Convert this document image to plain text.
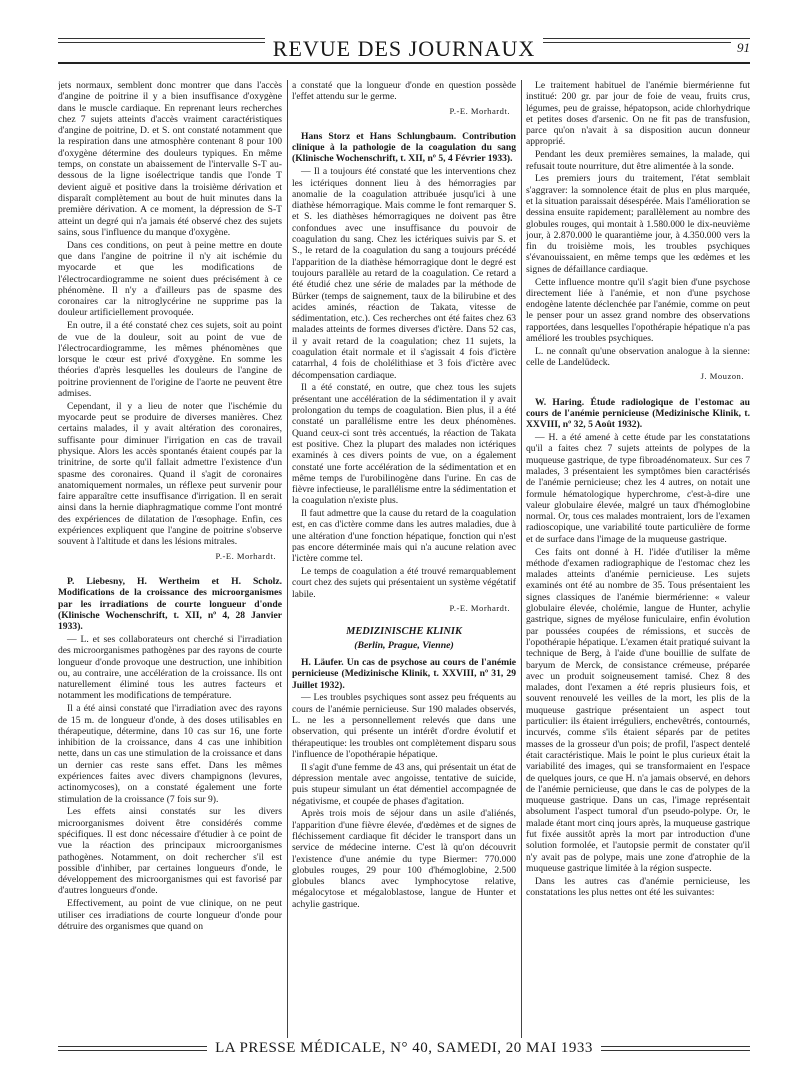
REVUE DES JOURNAUX	91

jets normaux, semblent donc montrer que dans l'accès d'angine de poitrine il y a bien insuffisance d'oxygène dans le muscle cardiaque. En reprenant leurs recherches chez 7 sujets atteints d'accès vraiment caractéristiques d'angine de poitrine, D. et S. ont constaté notamment que la respiration dans une atmosphère contenant 8 pour 100 d'oxygène détermine des douleurs typiques. En même temps, on constate un abaissement de l'intervalle S-T au-dessous de la ligne isoélectrique tandis que l'onde T devient aiguë et positive dans la troisième dérivation et disparaît complètement au bout de huit minutes dans la première dérivation. A ce moment, la dépression de S-T atteint un degré qui n'a jamais été observé chez des sujets sains, sous l'influence du manque d'oxygène.

Dans ces conditions, on peut à peine mettre en doute que dans l'angine de poitrine il n'y ait ischémie du myocarde et que les modifications de l'électrocardiogramme ne soient dues précisément à ce phénomène. Il n'y a d'ailleurs pas de spasme des coronaires car la nitroglycérine ne supprime pas la douleur artificiellement provoquée.

En outre, il a été constaté chez ces sujets, soit au point de vue de la douleur, soit au point de vue de l'électrocardiogramme, les mêmes phénomènes que lorsque le cœur est privé d'oxygène. En somme les théories d'après lesquelles les douleurs de l'angine de poitrine proviennent de l'origine de l'aorte ne peuvent être admises.

Cependant, il y a lieu de noter que l'ischémie du myocarde peut se produire de diverses manières. Chez certains malades, il y avait altération des coronaires, suffisante pour diminuer l'irrigation en cas de travail physique. Alors les accès spontanés étaient coupés par la trinitrine, de sorte qu'il fallait admettre l'existence d'un spasme des coronaires. Quand il s'agit de coronaires anatomiquement normales, un réflexe peut survenir pour faire apparaître cette insuffisance d'irrigation. Il en serait ainsi dans la hernie diaphragmatique comme l'ont montré des expériences de dilatation de l'œsophage. Enfin, ces expériences expliquent que l'angine de poitrine s'observe souvent à l'altitude et dans les lésions mitrales.

P.-E. Morhardt.

P. Liebesny, H. Wertheim et H. Scholz. Modifications de la croissance des microorganismes par les irradiations de courte longueur d'onde (Klinische Wochenschrift, t. XII, nº 4, 28 Janvier 1933).

— L. et ses collaborateurs ont cherché si l'irradiation des microorganismes pathogènes par des rayons de courte longueur d'onde provoque une destruction, une inhibition ou, au contraire, une accélération de la croissance. Ils ont naturellement éliminé tous les autres facteurs et notamment les modifications de température.

Il a été ainsi constaté que l'irradiation avec des rayons de 15 m. de longueur d'onde, à des doses utilisables en thérapeutique, détermine, dans 10 cas sur 16, une forte inhibition de la croissance, dans 4 cas une inhibition nette, dans un cas une stimulation de la croissance et dans un dernier cas reste sans effet. Dans les mêmes expériences faites avec divers champignons (levures, actinomycoses), on a constaté également une forte stimulation de la croissance (7 fois sur 9).

Les effets ainsi constatés sur les divers microorganismes doivent être considérés comme spécifiques. Il est donc nécessaire d'étudier à ce point de vue la réaction des principaux microorganismes pathogènes. Notamment, on doit rechercher s'il est possible d'inhiber, par certaines longueurs d'onde, le développement des microorganismes qui est favorisé par d'autres longueurs d'onde.

Effectivement, au point de vue clinique, on ne peut utiliser ces irradiations de courte longueur d'onde pour détruire des organismes que quand on

a constaté que la longueur d'onde en question possède l'effet attendu sur le germe.

P.-E. Morhardt.

Hans Storz et Hans Schlungbaum. Contribution clinique à la pathologie de la coagulation du sang (Klinische Wochenschrift, t. XII, nº 5, 4 Février 1933).

— Il a toujours été constaté que les interventions chez les ictériques donnent lieu à des hémorragies par anomalie de la coagulation attribuée jusqu'ici à une diathèse hémorragique. Mais comme le font remarquer S. et S. les diathèses hémorragiques ne doivent pas être confondues avec une insuffisance du pouvoir de coagulation du sang. Chez les ictériques suivis par S. et S., le retard de la coagulation du sang a toujours précédé l'apparition de la diathèse hémorragique dont le degré est toujours parallèle au retard de la coagulation. Ce retard a été étudié chez une série de malades par la méthode de Bürker (temps de saignement, taux de la bilirubine et des acides aminés, réaction de Takata, vitesse de sédimentation, etc.). Ces recherches ont été faites chez 63 malades atteints de formes diverses d'ictère. Dans 52 cas, il y avait retard de la coagulation; chez 11 sujets, la coagulation était normale et il s'agissait 4 fois d'ictère catarrhal, 4 fois de cholélithiase et 3 fois d'ictère avec décompensation cardiaque.

Il a été constaté, en outre, que chez tous les sujets présentant une accélération de la sédimentation il y avait prolongation du temps de coagulation. Bien plus, il a été constaté un parallélisme entre les deux phénomènes. Quand ceux-ci sont très accentués, la réaction de Takata est positive. Chez la plupart des malades non ictériques examinés à ces divers points de vue, on a également constaté une forte accélération de la sédimentation et en même temps de l'urobilinogène dans l'urine. En cas de fièvre infectieuse, le parallélisme entre la sédimentation et la coagulation n'existe plus.

Il faut admettre que la cause du retard de la coagulation est, en cas d'ictère comme dans les autres maladies, due à une altération d'une fonction hépatique, fonction qui n'est pas encore déterminée mais qui n'a aucune relation avec l'ictère comme tel.

Le temps de coagulation a été trouvé remarquablement court chez des sujets qui présentaient un système végétatif labile.

P.-E. Morhardt.
MEDIZINISCHE KLINIK
(Berlin, Prague, Vienne)

H. Läufer. Un cas de psychose au cours de l'anémie pernicieuse (Medizinische Klinik, t. XXVIII, nº 31, 29 Juillet 1932).

— Les troubles psychiques sont assez peu fréquents au cours de l'anémie pernicieuse. Sur 190 malades observés, L. ne les a personnellement relevés que dans une observation, qui présente un intérêt d'ordre évolutif et thérapeutique: les troubles ont complètement disparu sous l'influence de l'opothérapie hépatique.

Il s'agit d'une femme de 43 ans, qui présentait un état de dépression mentale avec angoisse, tentative de suicide, puis stupeur simulant un état démentiel accompagnée de négativisme, et coupée de phases d'agitation.

Après trois mois de séjour dans un asile d'aliénés, l'apparition d'une fièvre élevée, d'œdèmes et de signes de fléchissement cardiaque fit décider le transport dans un service de médecine interne. C'est là qu'on découvrit l'existence d'une anémie du type Biermer: 770.000 globules rouges, 29 pour 100 d'hémoglobine, 2.500 globules blancs avec lymphocytose relative, mégalocytose et mégaloblastose, langue de Hunter et achylie gastrique.

Le traitement habituel de l'anémie biermérienne fut institué: 200 gr. par jour de foie de veau, fruits crus, légumes, peu de graisse, hépatopson, acide chlorhydrique et petites doses d'arsenic. On ne fit pas de transfusion, parce qu'on n'avait à sa disposition aucun donneur approprié.

Pendant les deux premières semaines, la malade, qui refusait toute nourriture, dut être alimentée à la sonde.

Les premiers jours du traitement, l'état semblait s'aggraver: la somnolence était de plus en plus marquée, et la situation paraissait désespérée. Mais l'amélioration se dessina ensuite rapidement; parallèlement au nombre des globules rouges, qui montait à 1.580.000 le dix-neuvième jour, à 2.870.000 le quarantième jour, à 4.350.000 vers la fin du troisième mois, les troubles psychiques s'évanouissaient, en même temps que les œdèmes et les signes de défaillance cardiaque.

Cette influence montre qu'il s'agit bien d'une psychose directement liée à l'anémie, et non d'une psychose endogène latente déclenchée par l'anémie, comme on peut le penser pour un assez grand nombre des observations rapportées, dans lesquelles l'opothérapie hépatique n'a pas amélioré les troubles psychiques.

L. ne connaît qu'une observation analogue à la sienne: celle de Landelüdeck.

J. Mouzon.

W. Haring. Étude radiologique de l'estomac au cours de l'anémie pernicieuse (Medizinische Klinik, t. XXVIII, nº 32, 5 Août 1932).

— H. a été amené à cette étude par les constatations qu'il a faites chez 7 sujets atteints de polypes de la muqueuse gastrique, de type fibroadénomateux. Sur ces 7 malades, 3 présentaient les symptômes bien caractérisés de l'anémie pernicieuse; chez les 4 autres, on notait une formule hématologique hyperchrome, c'est-à-dire une valeur globulaire élevée, malgré un taux d'hémoglobine normal. Or, tous ces malades montraient, lors de l'examen radioscopique, une variabilité toute particulière de forme et de surface dans l'image de la muqueuse gastrique.

Ces faits ont donné à H. l'idée d'utiliser la même méthode d'examen radiographique de l'estomac chez les malades atteints d'anémie pernicieuse. Les sujets examinés ont été au nombre de 35. Tous présentaient les signes classiques de l'anémie biermérienne: « valeur globulaire élevée, cholémie, langue de Hunter, achylie gastrique, signes de myélose funiculaire, enfin évolution par poussées coupées de rémissions, et succès de l'opothérapie hépatique. L'examen était pratiqué suivant la technique de Berg, à l'aide d'une bouillie de sulfate de baryum de Merck, de consistance crémeuse, préparée avec un produit soigneusement tamisé. Chez 8 des malades, dont l'examen a été repris plusieurs fois, et souvent renouvelé les veilles de la mort, les plis de la muqueuse gastrique présentaient un aspect tout particulier: ils étaient irréguliers, enchevêtrés, contournés, incurvés, comme s'ils étaient séparés par de petites masses de la grosseur d'un pois; de profil, l'aspect dentelé était caractéristique. Mais le point le plus curieux était la variabilité des images, qui se transformaient en l'espace de quelques jours, ce que H. n'a jamais observé, en dehors de l'anémie pernicieuse, que dans le cas de polypes de la muqueuse gastrique. Dans un cas, l'image représentait absolument l'aspect tumoral d'un pseudo-polype. Or, le malade étant mort cinq jours après, la muqueuse gastrique fut fixée aussitôt après la mort par introduction d'une solution formolée, et l'autopsie permit de constater qu'il n'y avait pas de polype, mais une zone d'atrophie de la muqueuse gastrique limitée à la région suspecte.

Dans les autres cas d'anémie pernicieuse, les constatations les plus nettes ont été les suivantes:

LA PRESSE MÉDICALE, N° 40, SAMEDI, 20 MAI 1933
